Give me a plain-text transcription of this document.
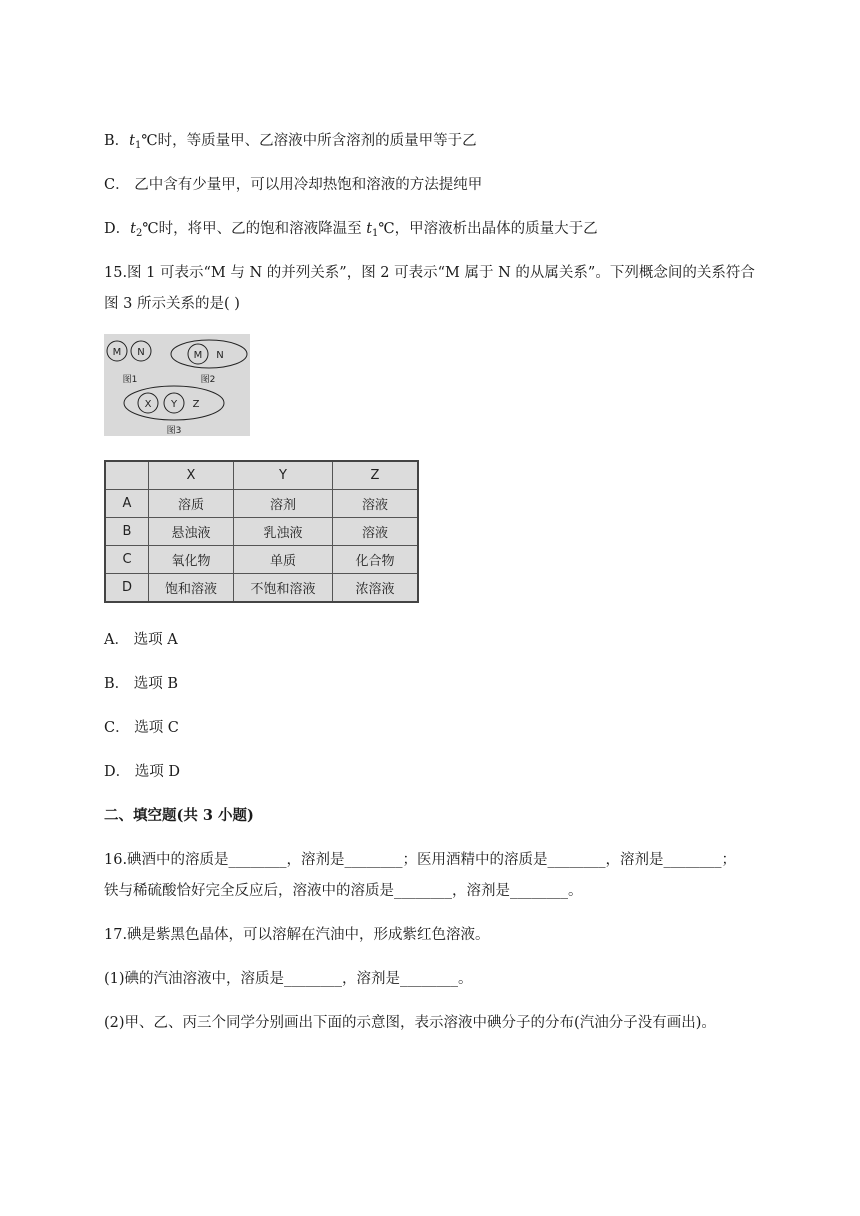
B．$t_1℃$时，等质量甲、乙溶液中所含溶剂的质量甲等于乙
C． 乙中含有少量甲，可以用冷却热饱和溶液的方法提纯甲
D．$t_2℃$时，将甲、乙的饱和溶液降温至 $t_1℃$，甲溶液析出晶体的质量大于乙
15.图 1 可表示“M 与 N 的并列关系”，图 2 可表示“M 属于 N 的从属关系”。下列概念间的关系符合
图 3 所示关系的是( )
M N
图1
M N
图2
X Y Z
图3
	X	Y	Z
A	溶质	溶剂	溶液
B	悬浊液	乳浊液	溶液
C	氧化物	单质	化合物
D	饱和溶液	不饱和溶液	浓溶液
A． 选项 A
B． 选项 B
C． 选项 C
D． 选项 D
二、填空题(共 3 小题)
16.碘酒中的溶质是________，溶剂是________；医用酒精中的溶质是________，溶剂是________；
铁与稀硫酸恰好完全反应后，溶液中的溶质是________，溶剂是________。
17.碘是紫黑色晶体，可以溶解在汽油中，形成紫红色溶液。
(1)碘的汽油溶液中，溶质是________，溶剂是________。
(2)甲、乙、丙三个同学分别画出下面的示意图，表示溶液中碘分子的分布(汽油分子没有画出)。
